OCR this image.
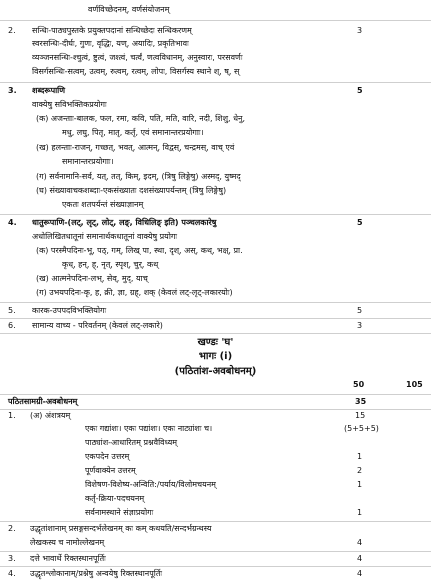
वर्णविच्छेदनम्, वर्णसंयोजनम्
2. सन्धिः-पाठ्यपुस्तके प्रयुक्तपदानां सन्धिच्छेदः सन्धिकरणम्	3
स्वरसन्धिः-दीर्घः, गुणः, वृद्धिः, यण्, अयादिः, प्रकृतिभावः
व्यञ्जनसन्धिः-श्चुत्वं, ष्टुत्वं, जश्त्वं, चर्त्वं, णत्वविधानम्, अनुस्वारः, परसवर्णः
विसर्गसन्धिः-सत्वम्, उत्वम्, रुत्वम्, रत्वम्, लोपः, विसर्गस्य स्थाने श्, ष्, स्
3. शब्दरूपाणि	5
वाक्येषु सविभक्तिकप्रयोगः
(क) अजन्ताः-बालक, फल, रमा, कवि, पति, मति, वारि, नदी, शिशु, धेनु,
मधु, लघु, पितृ, मातृ, कर्तृ, एवं समानान्तरप्रयोगाः।
(ख) हलन्ताः-राजन्, गच्छत्, भवत्, आत्मन्, विद्वस्, चन्द्रमस्, वाच् एवं
समानान्तरप्रयोगाः।
(ग) सर्वनामानि-सर्व, यत्, तत्, किम्, इदम्, (त्रिषु लिङ्गेषु) अस्मद्, युष्मद्
(घ) संख्यावाचकशब्दाः-एकसंख्यातः दशसंख्यापर्यन्तम् (त्रिषु लिङ्गेषु)
एकतः शतपर्यन्तं संख्याज्ञानम्
4. धातुरूपाणि-(लट्, लृट्, लोट्, लङ्, विधिलिङ् इति) पञ्चलकारेषु	5
अधोलिखितधातूनां समानार्थकधातूनां वाक्येषु प्रयोगः
(क) परस्मैपदिनः-भू, पठ्, गम्, लिख् पा, स्था, दृश्, अस्, कथ्, भक्ष्, प्रा.
कृध्, हन्, ह्, नृत्, स्पृश्, चुर्, कथ्
(ख) आत्मनेपदिनः-लभ्, सेव्, मुद्, याच्
(ग) उभयपदिनः-कृ, ह, क्री, ज्ञा, ग्रह्, शक् (केवलं लट्-लृट्-लकारयोः)
5. कारक-उपपदविभक्तियोगः	5
6. सामान्य वाच्य - परिवर्तनम् (केवलं लट्-लकारे)	3
खण्डः 'घ'
भागः (i)
(पठितांश-अवबोधनम्)
50	105
पठितसामग्री-अवबोधनम्	35
1. (अ) अंशत्रयम्	15
एकः गद्यांशः। एकः पद्यांशः। एकः नाट्यांशः च।	(5+5+5)
पाठ्यांश-आधारितम् प्रश्नवैविध्यम्
एकपदेन उत्तरम्	1
पूर्णवाक्येन उत्तरम्	2
विशेषण-विशेष्य-अन्विति:/पर्याय/विलोमचयनम्	1
कर्तृ-क्रिया-पदचयनम्
सर्वनामस्थाने संज्ञाप्रयोगः	1
2. उद्धृतांशानाम् प्रसङ्गसन्दर्भलेखनम् कः कम् कथयति/सन्दर्भग्रन्थस्य
लेखकस्य च नामोल्लेखनम्	4
3. दत्ते भावार्थे रिक्तस्थानपूर्तिः	4
4. उद्धृतश्लोकानाम्/प्रश्नेषु अन्वयेषु रिक्तस्थानपूर्तिः	4
